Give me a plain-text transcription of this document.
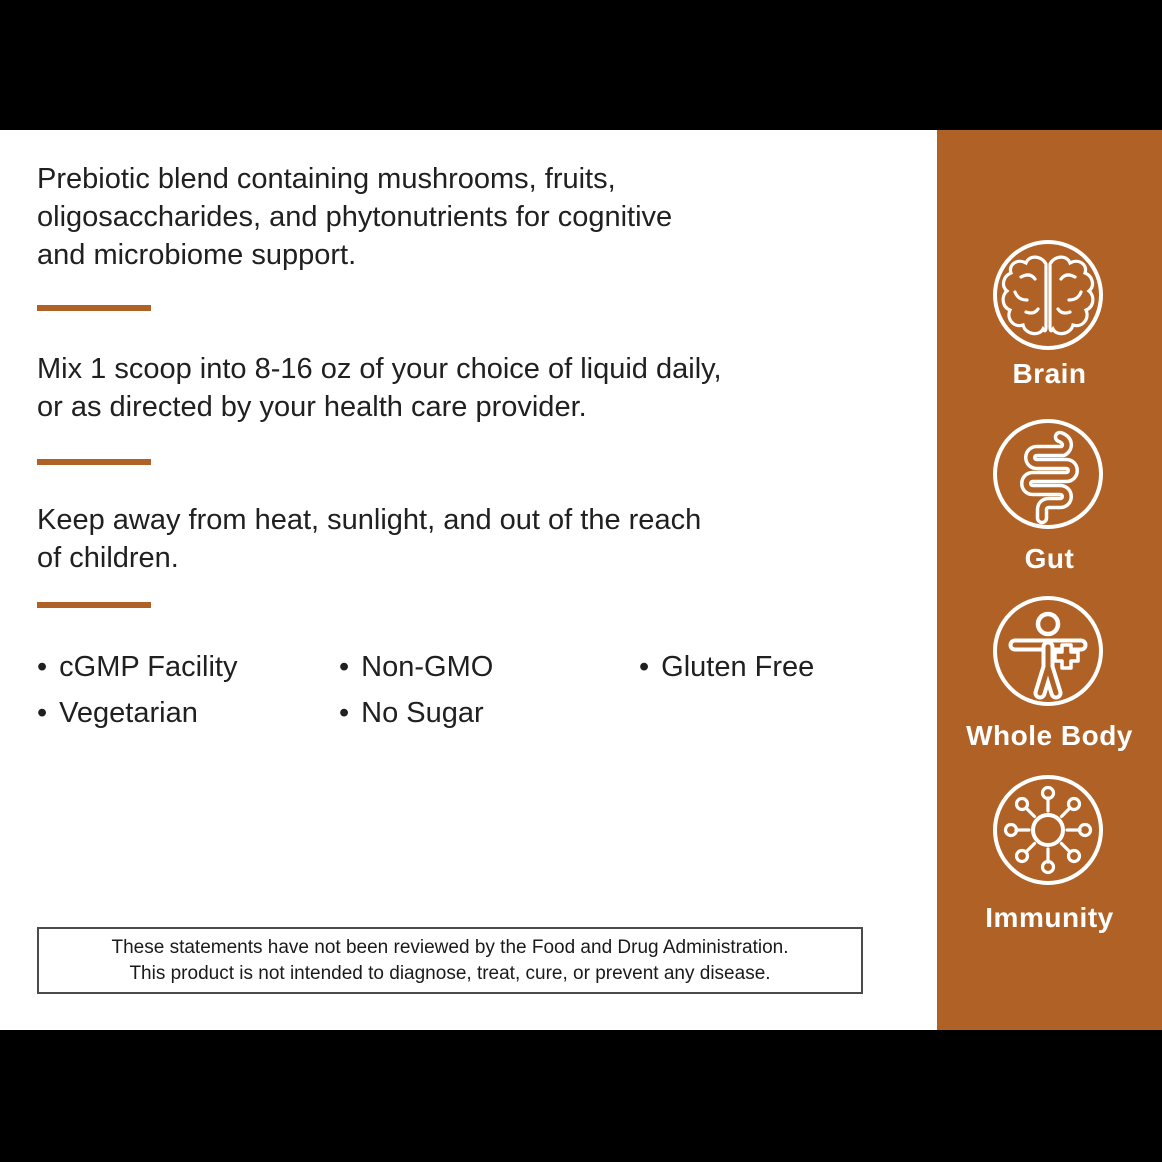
Prebiotic blend containing mushrooms, fruits,
oligosaccharides, and phytonutrients for cognitive
and microbiome support.
Mix 1 scoop into 8-16 oz of your choice of liquid daily,
or as directed by your health care provider.
Keep away from heat, sunlight, and out of the reach
of children.
• cGMP Facility
• Vegetarian
• Non-GMO
• No Sugar
• Gluten Free
These statements have not been reviewed by the Food and Drug Administration.
This product is not intended to diagnose, treat, cure, or prevent any disease.
Brain
Gut
Whole Body
Immunity
